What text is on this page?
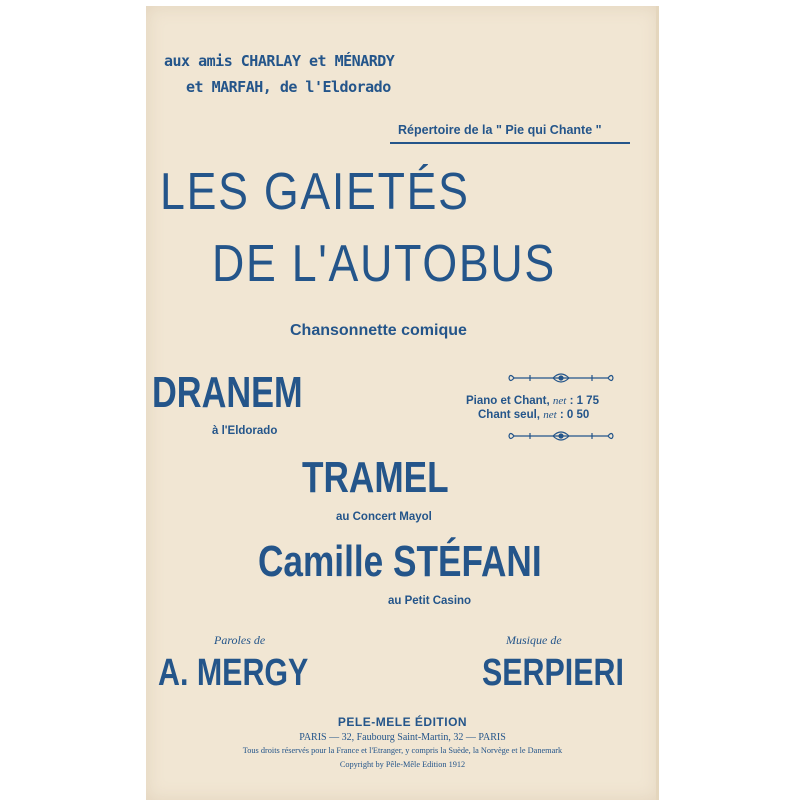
aux amis CHARLAY et MÉNARDY

et MARFAH, de l'Eldorado

Répertoire de la " Pie qui Chante "

LES GAIETÉS
DE L'AUTOBUS

Chansonnette comique

DRANEM

à l'Eldorado

Piano et Chant, net : 1 75

Chant seul, net : 0 50

TRAMEL

au Concert Mayol

Camille STÉFANI

au Petit Casino

Paroles de	Musique de

A. MERGY	SERPIERI

PELE-MELE ÉDITION

PARIS — 32, Faubourg Saint-Martin, 32 — PARIS

Tous droits réservés pour la France et l'Etranger, y compris la Suède, la Norvège et le Danemark

Copyright by Pêle-Mêle Edition 1912
